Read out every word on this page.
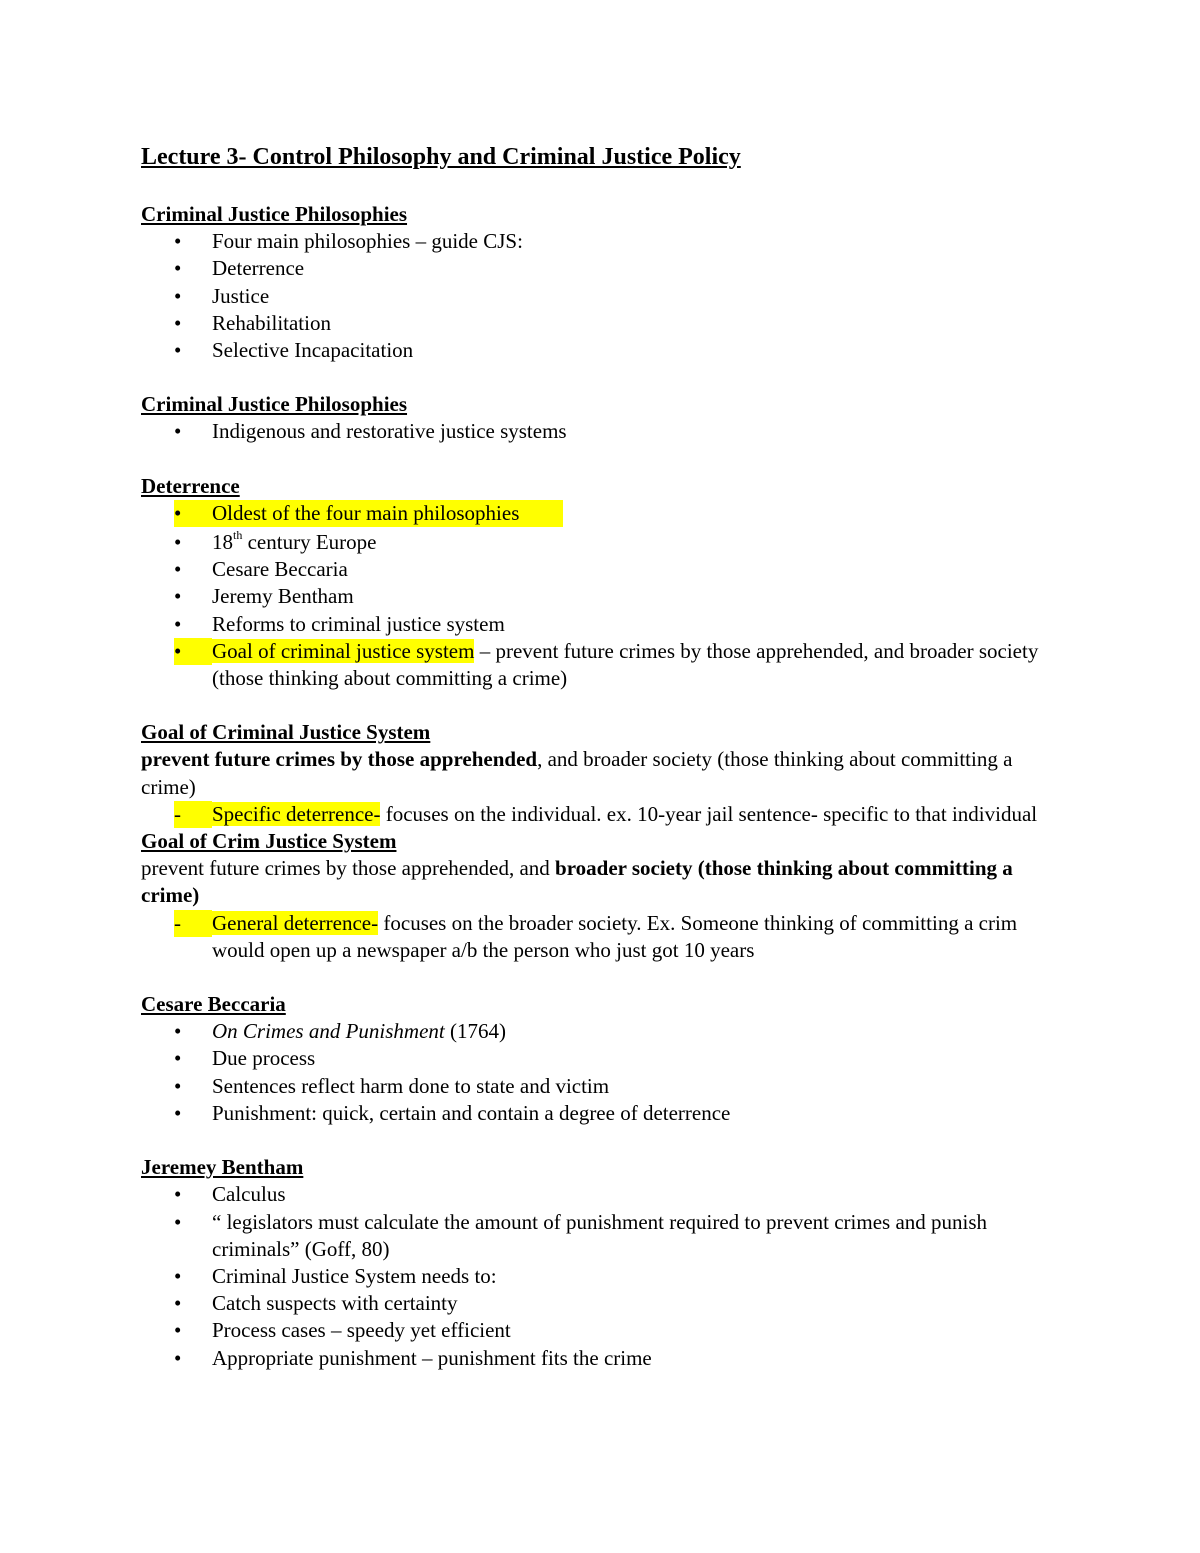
Lecture 3- Control Philosophy and Criminal Justice Policy
Criminal Justice Philosophies
•	Four main philosophies – guide CJS:
•	Deterrence
•	Justice
•	Rehabilitation
•	Selective Incapacitation
Criminal Justice Philosophies
•	Indigenous and restorative justice systems
Deterrence
•	Oldest of the four main philosophies
•	18th century Europe
•	Cesare Beccaria
•	Jeremy Bentham
•	Reforms to criminal justice system
•	Goal of criminal justice system – prevent future crimes by those apprehended, and broader society (those thinking about committing a crime)
Goal of Criminal Justice System

prevent future crimes by those apprehended, and broader society (those thinking about committing a crime)

-	Specific deterrence- focuses on the individual. ex. 10-year jail sentence- specific to that individual
Goal of Crim Justice System

prevent future crimes by those apprehended, and broader society (those thinking about committing a crime)

-	General deterrence- focuses on the broader society. Ex. Someone thinking of committing a crim would open up a newspaper a/b the person who just got 10 years
Cesare Beccaria
•	On Crimes and Punishment (1764)
•	Due process
•	Sentences reflect harm done to state and victim
•	Punishment: quick, certain and contain a degree of deterrence
Jeremey Bentham
•	Calculus
•	“ legislators must calculate the amount of punishment required to prevent crimes and punish criminals” (Goff, 80)
•	Criminal Justice System needs to:
•	Catch suspects with certainty
•	Process cases – speedy yet efficient
•	Appropriate punishment – punishment fits the crime
